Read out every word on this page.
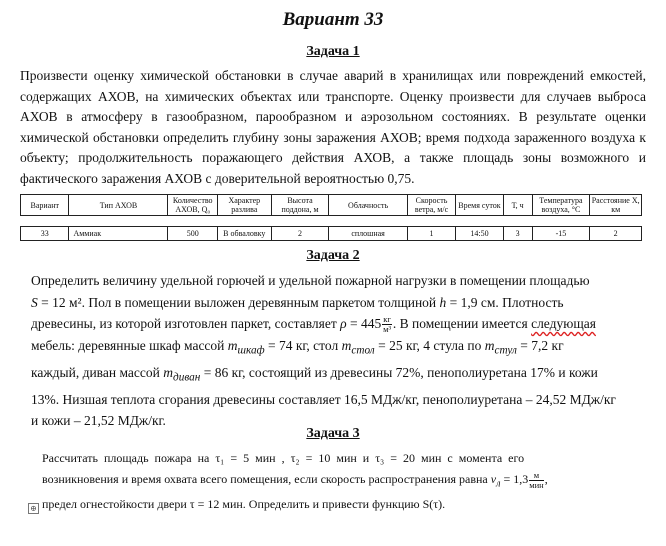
Вариант 33
Задача 1
Произвести оценку химической обстановки в случае аварий в хранилищах или повреждений емкостей, содержащих АХОВ, на химических объектах или транспорте. Оценку произвести для случаев выброса АХОВ в атмосферу в газообразном, парообразном и аэрозольном состояниях. В результате оценки химической обстановки определить глубину зоны заражения АХОВ; время подхода зараженного воздуха к объекту; продолжительность поражающего действия АХОВ, а также площадь зоны возможного и фактического заражения АХОВ с доверительной вероятностью 0,75.
Вариант	Тип АХОВ	Количество АХОВ, Q₀	Характер разлива	Высота поддона, м	Облачность	Скорость ветра, м/с	Время суток	Т, ч	Температура воздуха, °С	Расстояние Х, км

33	Аммиак	500	В обваловку	2	сплошная	1	14:50	3	-15	2
Задача 2
Определить величину удельной горючей и удельной пожарной нагрузки в помещении площадью
S = 12 м². Пол в помещении выложен деревянным паркетом толщиной h = 1,9 см. Плотность
древесины, из которой изготовлен паркет, составляет $\rho = 445 \frac{кг}{\text{м³}}$ . В помещении имеется следующая
мебель: деревянные шкаф массой $m_{шкаф} = 74$ кг, стол $m_{стол} = 25$ кг, 4 стула по $m_{стул} = 7,2$ кг
каждый, диван массой $m_{диван} = 86$ кг, состоящий из древесины 72%, пенополиуретана 17% и кожи
13%. Низшая теплота сгорания древесины составляет 16,5 МДж/кг, пенополиуретана – 24,52 МДж/кг
и кожи – 21,52 МДж/кг.
Задача 3
Рассчитать площадь пожара на τ₁ = 5 мин , τ₂ = 10 мин и τ₃ = 20 мин с момента его
возникновения и время охвата всего помещения, если скорость распространения равна $v_л = 1,3 \frac{м}{\text{мин}}$ ,
предел огнестойкости двери τ = 12 мин. Определить и привести функцию S(τ).
⊕
